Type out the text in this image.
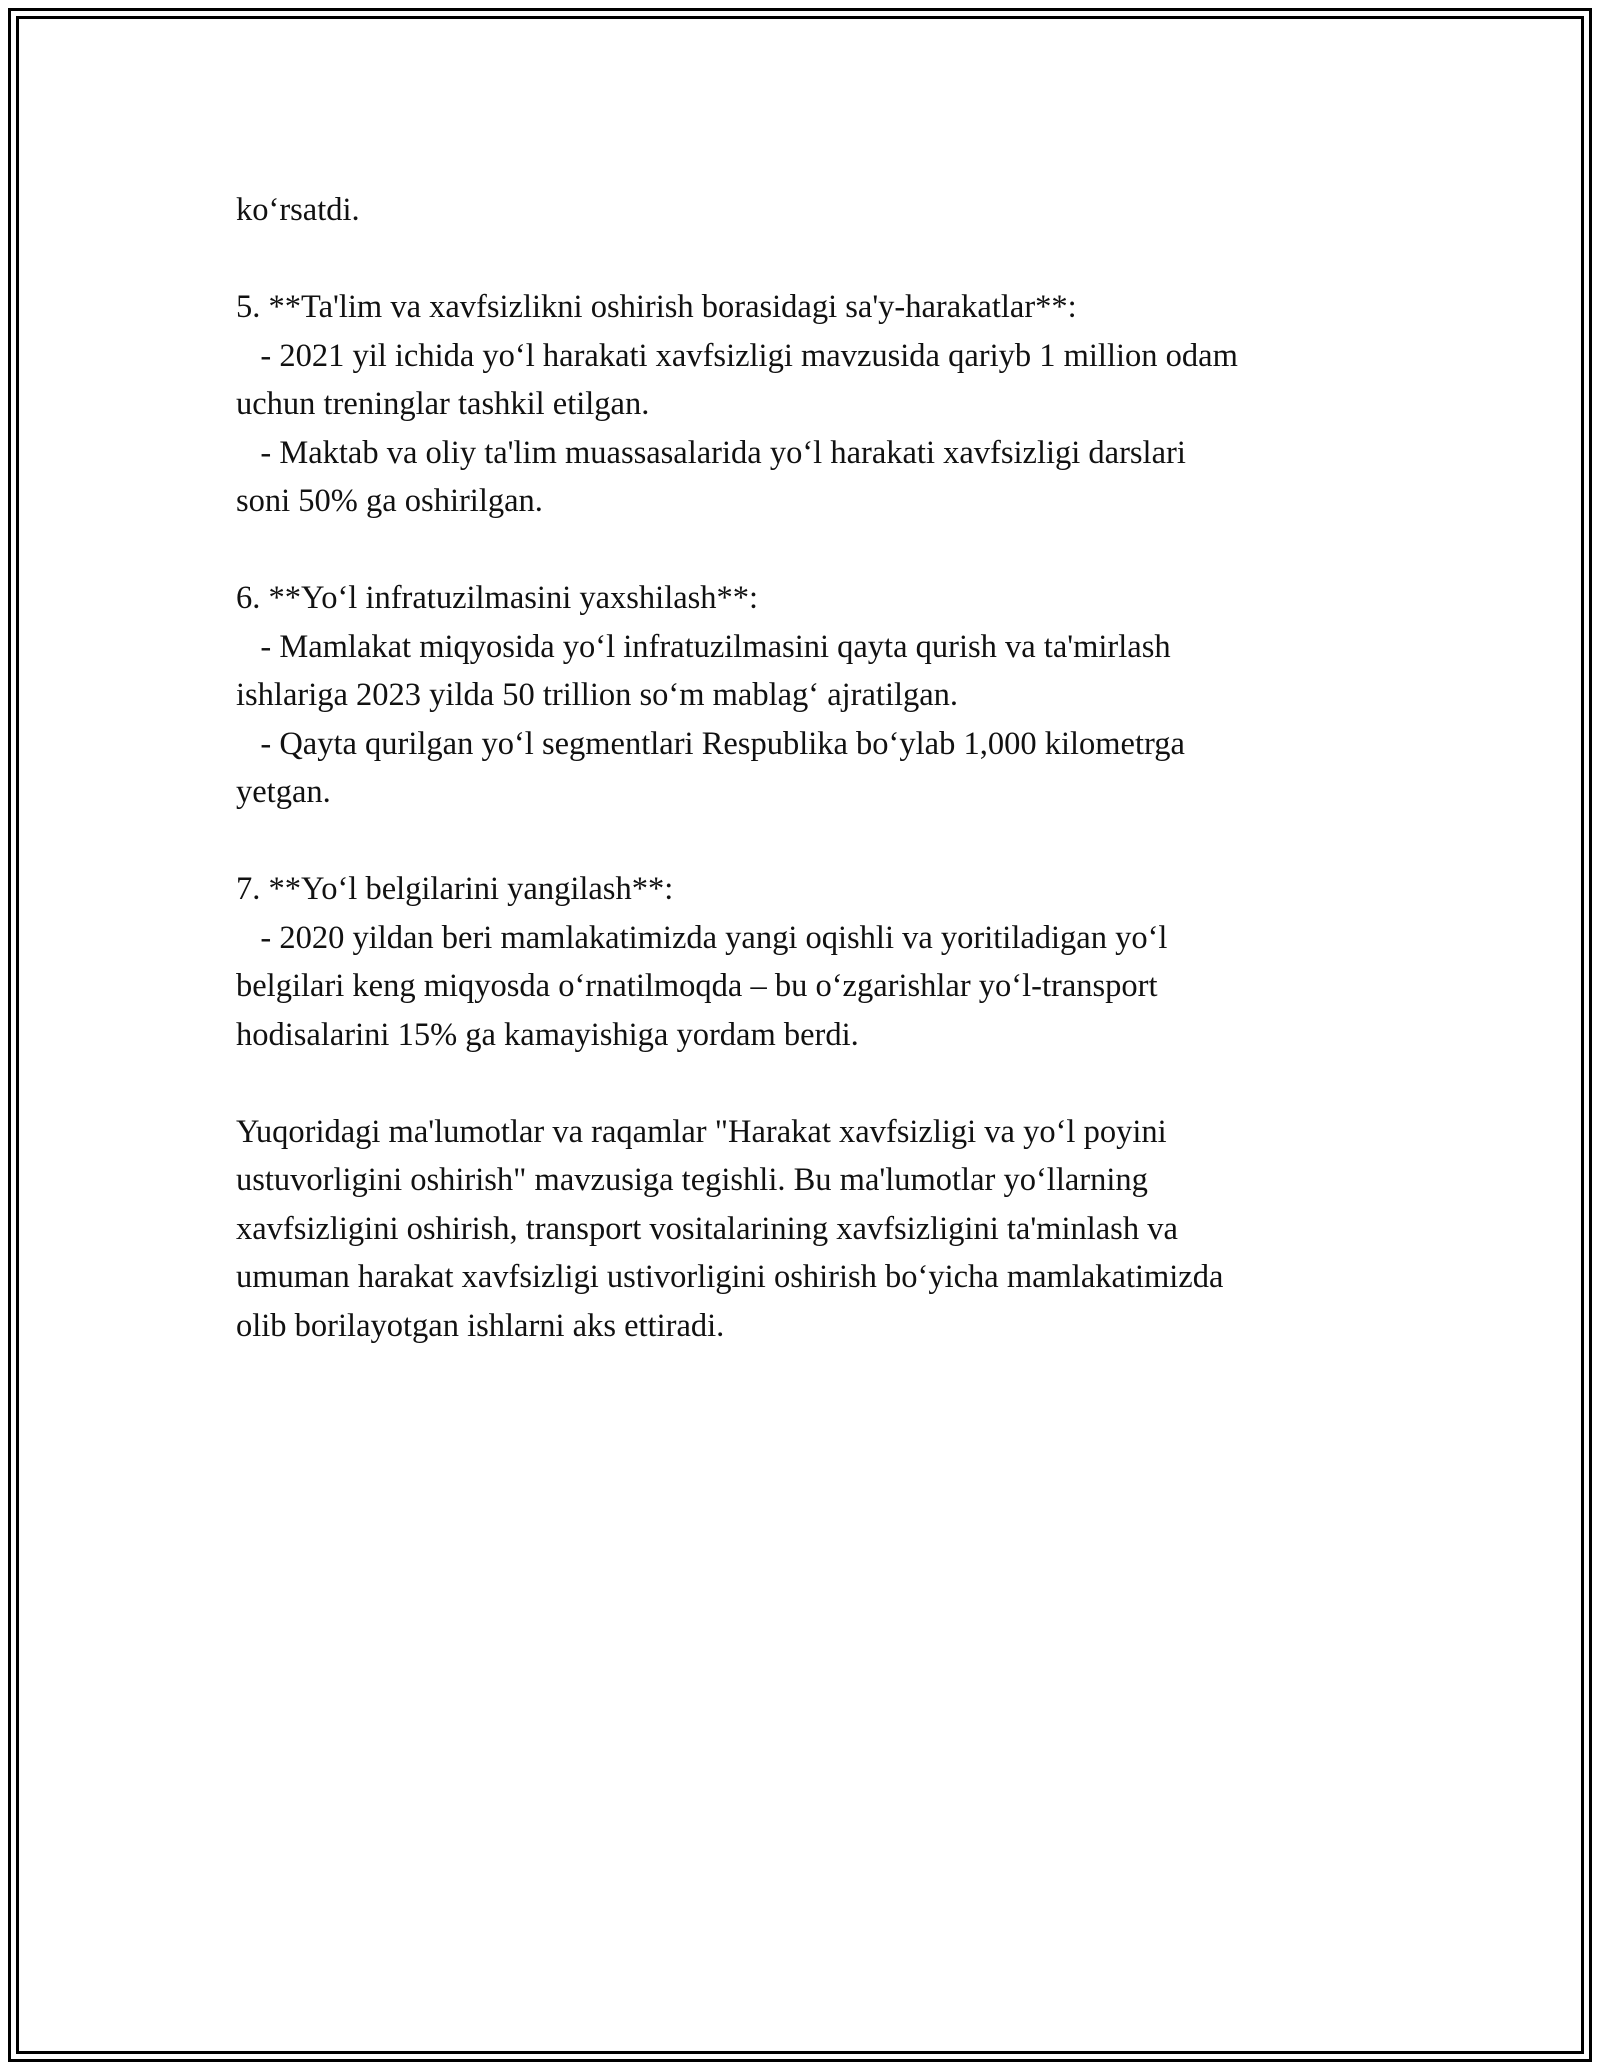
ko‘rsatdi.
5. **Ta'lim va xavfsizlikni oshirish borasidagi sa'y-harakatlar**:
- 2021 yil ichida yo‘l harakati xavfsizligi mavzusida qariyb 1 million odam
uchun treninglar tashkil etilgan.
- Maktab va oliy ta'lim muassasalarida yo‘l harakati xavfsizligi darslari
soni 50% ga oshirilgan.
6. **Yo‘l infratuzilmasini yaxshilash**:
- Mamlakat miqyosida yo‘l infratuzilmasini qayta qurish va ta'mirlash
ishlariga 2023 yilda 50 trillion so‘m mablag‘ ajratilgan.
- Qayta qurilgan yo‘l segmentlari Respublika bo‘ylab 1,000 kilometrga
yetgan.
7. **Yo‘l belgilarini yangilash**:
- 2020 yildan beri mamlakatimizda yangi oqishli va yoritiladigan yo‘l
belgilari keng miqyosda o‘rnatilmoqda – bu o‘zgarishlar yo‘l-transport
hodisalarini 15% ga kamayishiga yordam berdi.
Yuqoridagi ma'lumotlar va raqamlar "Harakat xavfsizligi va yo‘l poyini
ustuvorligini oshirish" mavzusiga tegishli. Bu ma'lumotlar yo‘llarning
xavfsizligini oshirish, transport vositalarining xavfsizligini ta'minlash va
umuman harakat xavfsizligi ustivorligini oshirish bo‘yicha mamlakatimizda
olib borilayotgan ishlarni aks ettiradi.
